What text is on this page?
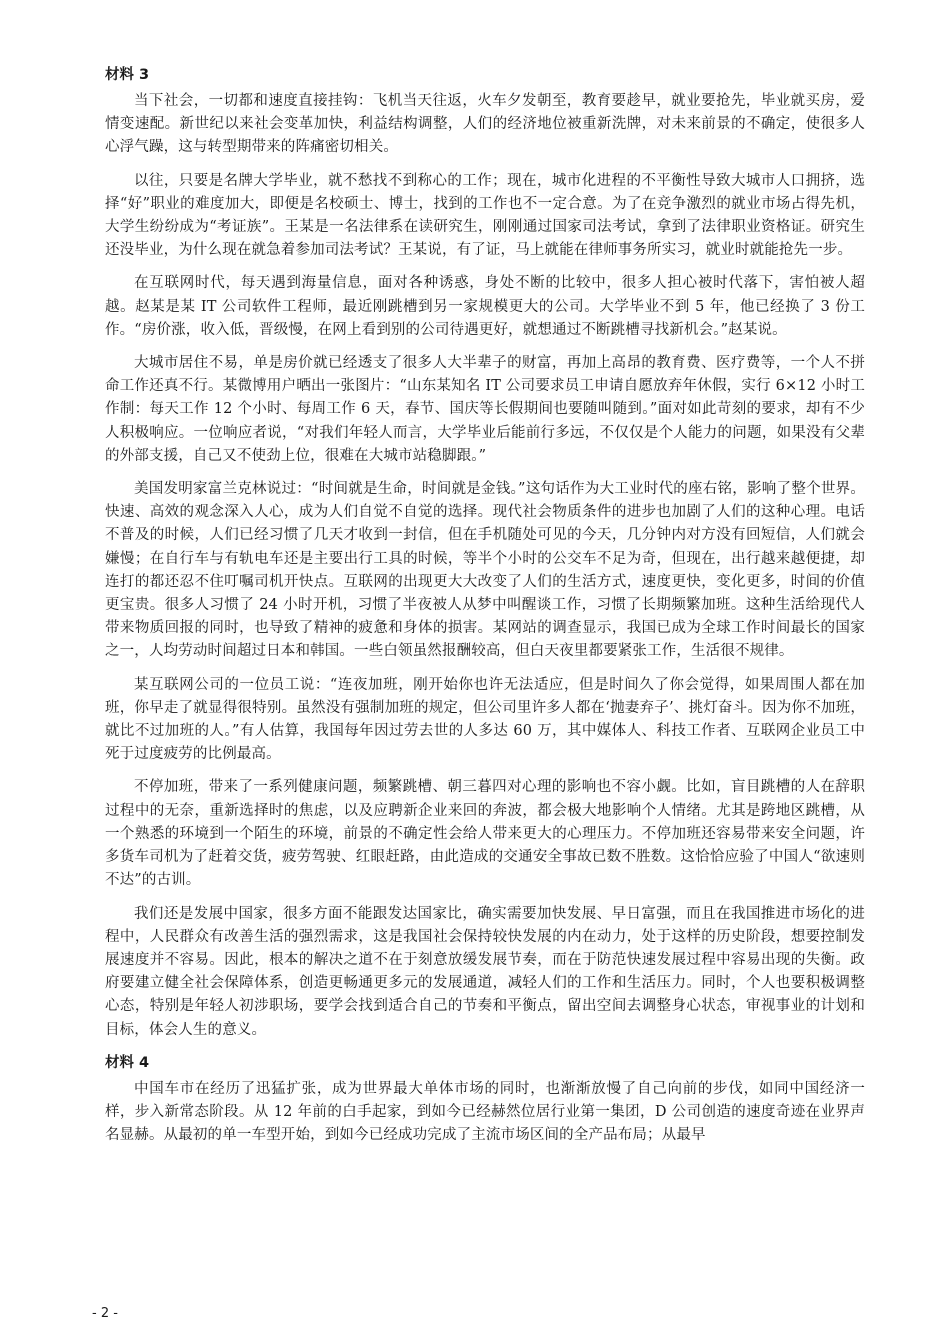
材料 3

当下社会，一切都和速度直接挂钩：飞机当天往返，火车夕发朝至，教育要趁早，就业要抢先，毕业就买房，爱情变速配。新世纪以来社会变革加快，利益结构调整，人们的经济地位被重新洗牌，对未来前景的不确定，使很多人心浮气躁，这与转型期带来的阵痛密切相关。

以往，只要是名牌大学毕业，就不愁找不到称心的工作；现在，城市化进程的不平衡性导致大城市人口拥挤，选择“好”职业的难度加大，即便是名校硕士、博士，找到的工作也不一定合意。为了在竞争激烈的就业市场占得先机，大学生纷纷成为“考证族”。王某是一名法律系在读研究生，刚刚通过国家司法考试，拿到了法律职业资格证。研究生还没毕业，为什么现在就急着参加司法考试？王某说，有了证，马上就能在律师事务所实习，就业时就能抢先一步。

在互联网时代，每天遇到海量信息，面对各种诱惑，身处不断的比较中，很多人担心被时代落下，害怕被人超越。赵某是某 IT 公司软件工程师，最近刚跳槽到另一家规模更大的公司。大学毕业不到 5 年，他已经换了 3 份工作。“房价涨，收入低，晋级慢，在网上看到别的公司待遇更好，就想通过不断跳槽寻找新机会。”赵某说。

大城市居住不易，单是房价就已经透支了很多人大半辈子的财富，再加上高昂的教育费、医疗费等，一个人不拼命工作还真不行。某微博用户晒出一张图片：“山东某知名 IT 公司要求员工申请自愿放弃年休假，实行 6×12 小时工作制：每天工作 12 个小时、每周工作 6 天，春节、国庆等长假期间也要随叫随到。”面对如此苛刻的要求，却有不少人积极响应。一位响应者说，“对我们年轻人而言，大学毕业后能前行多远，不仅仅是个人能力的问题，如果没有父辈的外部支援，自己又不使劲上位，很难在大城市站稳脚跟。”

美国发明家富兰克林说过：“时间就是生命，时间就是金钱。”这句话作为大工业时代的座右铭，影响了整个世界。快速、高效的观念深入人心，成为人们自觉不自觉的选择。现代社会物质条件的进步也加剧了人们的这种心理。电话不普及的时候，人们已经习惯了几天才收到一封信，但在手机随处可见的今天，几分钟内对方没有回短信，人们就会嫌慢；在自行车与有轨电车还是主要出行工具的时候，等半个小时的公交车不足为奇，但现在，出行越来越便捷，却连打的都还忍不住叮嘱司机开快点。互联网的出现更大大改变了人们的生活方式，速度更快，变化更多，时间的价值更宝贵。很多人习惯了 24 小时开机，习惯了半夜被人从梦中叫醒谈工作，习惯了长期频繁加班。这种生活给现代人带来物质回报的同时，也导致了精神的疲惫和身体的损害。某网站的调查显示，我国已成为全球工作时间最长的国家之一，人均劳动时间超过日本和韩国。一些白领虽然报酬较高，但白天夜里都要紧张工作，生活很不规律。

某互联网公司的一位员工说：“连夜加班，刚开始你也许无法适应，但是时间久了你会觉得，如果周围人都在加班，你早走了就显得很特别。虽然没有强制加班的规定，但公司里许多人都在‘抛妻弃子’、挑灯奋斗。因为你不加班，就比不过加班的人。”有人估算，我国每年因过劳去世的人多达 60 万，其中媒体人、科技工作者、互联网企业员工中死于过度疲劳的比例最高。

不停加班，带来了一系列健康问题，频繁跳槽、朝三暮四对心理的影响也不容小觑。比如，盲目跳槽的人在辞职过程中的无奈，重新选择时的焦虑，以及应聘新企业来回的奔波，都会极大地影响个人情绪。尤其是跨地区跳槽，从一个熟悉的环境到一个陌生的环境，前景的不确定性会给人带来更大的心理压力。不停加班还容易带来安全问题，许多货车司机为了赶着交货，疲劳驾驶、红眼赶路，由此造成的交通安全事故已数不胜数。这恰恰应验了中国人“欲速则不达”的古训。

我们还是发展中国家，很多方面不能跟发达国家比，确实需要加快发展、早日富强，而且在我国推进市场化的进程中，人民群众有改善生活的强烈需求，这是我国社会保持较快发展的内在动力，处于这样的历史阶段，想要控制发展速度并不容易。因此，根本的解决之道不在于刻意放缓发展节奏，而在于防范快速发展过程中容易出现的失衡。政府要建立健全社会保障体系，创造更畅通更多元的发展通道，减轻人们的工作和生活压力。同时，个人也要积极调整心态，特别是年轻人初涉职场，要学会找到适合自己的节奏和平衡点，留出空间去调整身心状态，审视事业的计划和目标，体会人生的意义。

材料 4

中国车市在经历了迅猛扩张，成为世界最大单体市场的同时，也渐渐放慢了自己向前的步伐，如同中国经济一样，步入新常态阶段。从 12 年前的白手起家，到如今已经赫然位居行业第一集团，D 公司创造的速度奇迹在业界声名显赫。从最初的单一车型开始，到如今已经成功完成了主流市场区间的全产品布局；从最早

- 2 -
